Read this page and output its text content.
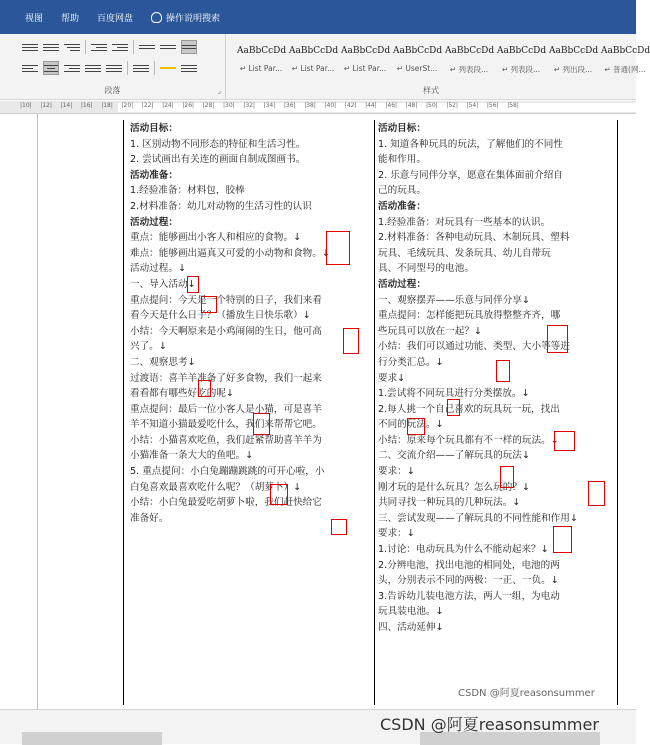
视图 帮助 百度网盘	操作说明搜索
段落	⌟
AaBbCcDd
↵ List Par...
AaBbCcDd
↵ List Par...
AaBbCcDd
↵ List Par...
AaBbCcDd
↵ UserSt...
AaBbCcDd
↵ 列表段...
AaBbCcDd
↵ 列表段...
AaBbCcDd
↵ 列出段...
AaBbCcDd
↵ 普通(网...
样式
|10| |12| |14| |16| |18| |20| |22| |24| |26| |28| |30| |32| |34| |36| |38| |40| |42| |44| |46| |48| |50| |52| |54| |56| |58|
活动目标：
1. 区别动物不同形态的特征和生活习性。
2. 尝试画出有关连的画面自制成图画书。
活动准备：
1.经验准备：材料包，胶棒
2.材料准备：幼儿对动物的生活习性的认识
活动过程：
重点：能够画出小客人和相应的食物。↓
难点：能够画出逼真又可爱的小动物和食物。↓
活动过程。↓
一、导入活动↓
重点提问：今天是一个特别的日子，我们来看
看今天是什么日子？（播放生日快乐歌）↓
小结：今天啊原来是小鸡闹闹的生日，他可高
兴了。↓
二、观察思考↓
过渡语：喜羊羊准备了好多食物，我们一起来
看看都有哪些好吃的呢↓
重点提问：最后一位小客人是小猫，可是喜羊
羊不知道小猫最爱吃什么，我们来帮帮它吧。
小结：小猫喜欢吃鱼，我们赶紧帮助喜羊羊为
小猫准备一条大大的鱼吧。↓
5. 重点提问：小白兔蹦蹦跳跳的可开心啦，小
白兔喜欢最喜欢吃什么呢？（胡萝卜）↓
小结：小白兔最爱吃胡萝卜啦，我们赶快给它
准备好。
活动目标：
1. 知道各种玩具的玩法，了解他们的不同性
能和作用。
2. 乐意与同伴分享，愿意在集体面前介绍自
己的玩具。
活动准备：
1.经验准备：对玩具有一些基本的认识。
2.材料准备：各种电动玩具、木制玩具、塑料
玩具、毛绒玩具、发条玩具、幼儿自带玩
具、不同型号的电池。
活动过程：
一、观察摆弄——乐意与同伴分享↓
重点提问：怎样能把玩具放得整整齐齐，哪
些玩具可以放在一起？↓
小结：我们可以通过功能、类型、大小等等进
行分类汇总。↓
要求↓
1.尝试将不同玩具进行分类摆放。↓
2.每人挑一个自己喜欢的玩具玩一玩，找出
不同的玩法。↓
小结：原来每个玩具都有不一样的玩法。↓
二、交流介绍——了解玩具的玩法↓
要求：↓
刚才玩的是什么玩具？怎么玩的？↓
共同寻找一种玩具的几种玩法。↓
三、尝试发现——了解玩具的不同性能和作用↓
要求：↓
1.讨论：电动玩具为什么不能动起来？↓
2.分辨电池，找出电池的相同处，电池的两
头，分别表示不同的两极：一正、一负。↓
3.告诉幼儿装电池方法，两人一组，为电动
玩具装电池。↓
四、活动延伸↓
CSDN @阿夏reasonsummer
CSDN @阿夏reasonsummer
